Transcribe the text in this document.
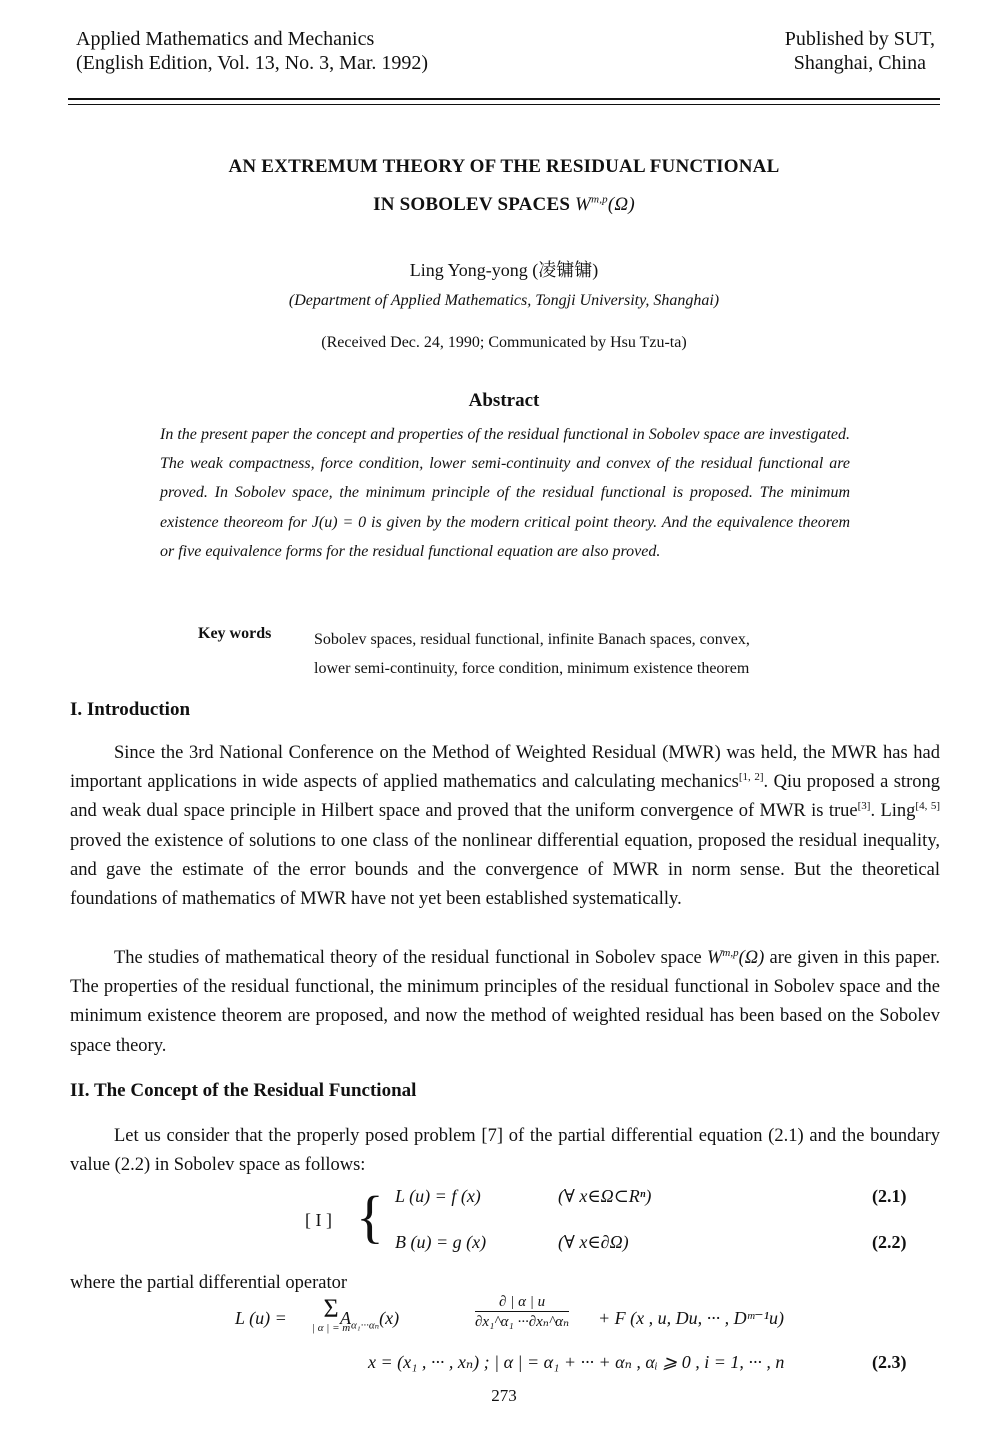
Applied Mathematics and Mechanics
(English Edition, Vol. 13, No. 3, Mar. 1992)
Published by SUT,
Shanghai, China
AN EXTREMUM THEORY OF THE RESIDUAL FUNCTIONAL
IN SOBOLEV SPACES W$^{m,p}$(Ω)
Ling Yong-yong (凌镛镛)
(Department of Applied Mathematics, Tongji University, Shanghai)
(Received Dec. 24, 1990; Communicated by Hsu Tzu-ta)
Abstract
In the present paper the concept and properties of the residual functional in Sobolev space are investigated. The weak compactness, force condition, lower semi-continuity and convex of the residual functional are proved. In Sobolev space, the minimum principle of the residual functional is proposed. The minimum existence theoreom for J(u) = 0 is given by the modern critical point theory. And the equivalence theorem or five equivalence forms for the residual functional equation are also proved.
Key words	Sobolev spaces, residual functional, infinite Banach spaces, convex,
lower semi-continuity, force condition, minimum existence theorem
I. Introduction

Since the 3rd National Conference on the Method of Weighted Residual (MWR) was held, the MWR has had important applications in wide aspects of applied mathematics and calculating mechanics[1, 2]. Qiu proposed a strong and weak dual space principle in Hilbert space and proved that the uniform convergence of MWR is true[3]. Ling[4, 5] proved the existence of solutions to one class of the nonlinear differential equation, proposed the residual inequality, and gave the estimate of the error bounds and the convergence of MWR in norm sense. But the theoretical foundations of mathematics of MWR have not yet been established systematically.

The studies of mathematical theory of the residual functional in Sobolev space W$^{m,p}$(Ω) are given in this paper. The properties of the residual functional, the minimum principles of the residual functional in Sobolev space and the minimum existence theorem are proposed, and now the method of weighted residual has been based on the Sobolev space theory.

II. The Concept of the Residual Functional

Let us consider that the properly posed problem [7] of the partial differential equation (2.1) and the boundary value (2.2) in Sobolev space as follows:

[ I ] { L (u) = f (x)	(∀ x∈Ω⊂Rⁿ)	(2.1)
B (u) = g (x)	(∀ x∈∂Ω)	(2.2)
where the partial differential operator
L (u) =	Σ
| α | = m
$A_{\alpha_1\cdot\cdot\cdot\alpha_n}(x)$	$\frac{\partial | \alpha | u}{\text{∂x₁\textasciicircum{}α₁ ···∂xₙ\textasciicircum{}αₙ}} + F$ (x , u, Du, ··· , Dᵐ⁻¹u)
x = (x₁ , ··· , xₙ) ; | α | = α₁ + ··· + αₙ , αᵢ ⩾ 0 , i = 1, ··· , n	(2.3)
273
